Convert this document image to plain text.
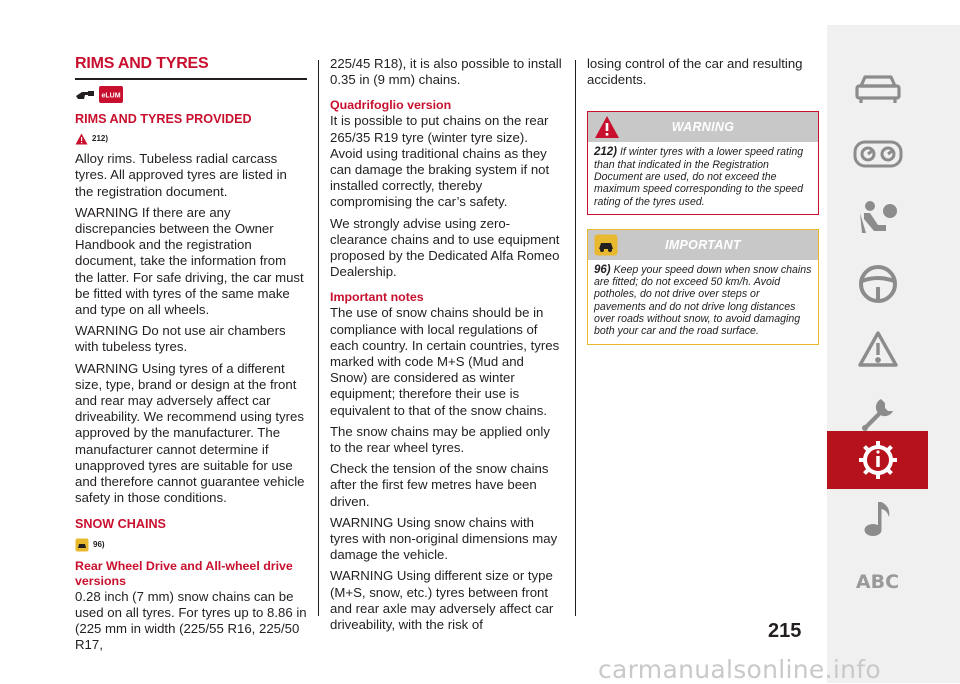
RIMS AND TYRES
eLUM
RIMS AND TYRES PROVIDED
212)

Alloy rims. Tubeless radial carcass tyres. All approved tyres are listed in the registration document.

WARNING If there are any discrepancies between the Owner Handbook and the registration document, take the information from the latter. For safe driving, the car must be fitted with tyres of the same make and type on all wheels.

WARNING Do not use air chambers with tubeless tyres.

WARNING Using tyres of a different size, type, brand or design at the front and rear may adversely affect car driveability. We recommend using tyres approved by the manufacturer. The manufacturer cannot determine if unapproved tyres are suitable for use and therefore cannot guarantee vehicle safety in those conditions.

SNOW CHAINS
96)
Rear Wheel Drive and All-wheel drive versions

0.28 inch (7 mm) snow chains can be used on all tyres. For tyres up to 8.86 in (225 mm in width (225/55 R16, 225/50 R17,

225/45 R18), it is also possible to install 0.35 in (9 mm) chains.

Quadrifoglio version

It is possible to put chains on the rear 265/35 R19 tyre (winter tyre size). Avoid using traditional chains as they can damage the braking system if not installed correctly, thereby compromising the car’s safety.

We strongly advise using zero-clearance chains and to use equipment proposed by the Dedicated Alfa Romeo Dealership.

Important notes

The use of snow chains should be in compliance with local regulations of each country. In certain countries, tyres marked with code M+S (Mud and Snow) are considered as winter equipment; therefore their use is equivalent to that of the snow chains.

The snow chains may be applied only to the rear wheel tyres.

Check the tension of the snow chains after the first few metres have been driven.

WARNING Using snow chains with tyres with non-original dimensions may damage the vehicle.

WARNING Using different size or type (M+S, snow, etc.) tyres between front and rear axle may adversely affect car driveability, with the risk of

losing control of the car and resulting accidents.

WARNING
212) If winter tyres with a lower speed rating than that indicated in the Registration Document are used, do not exceed the maximum speed corresponding to the speed rating of the tyres used.
IMPORTANT
96) Keep your speed down when snow chains are fitted; do not exceed 50 km/h. Avoid potholes, do not drive over steps or pavements and do not drive long distances over roads without snow, to avoid damaging both your car and the road surface.
ABC
215
carmanualsonline.info
